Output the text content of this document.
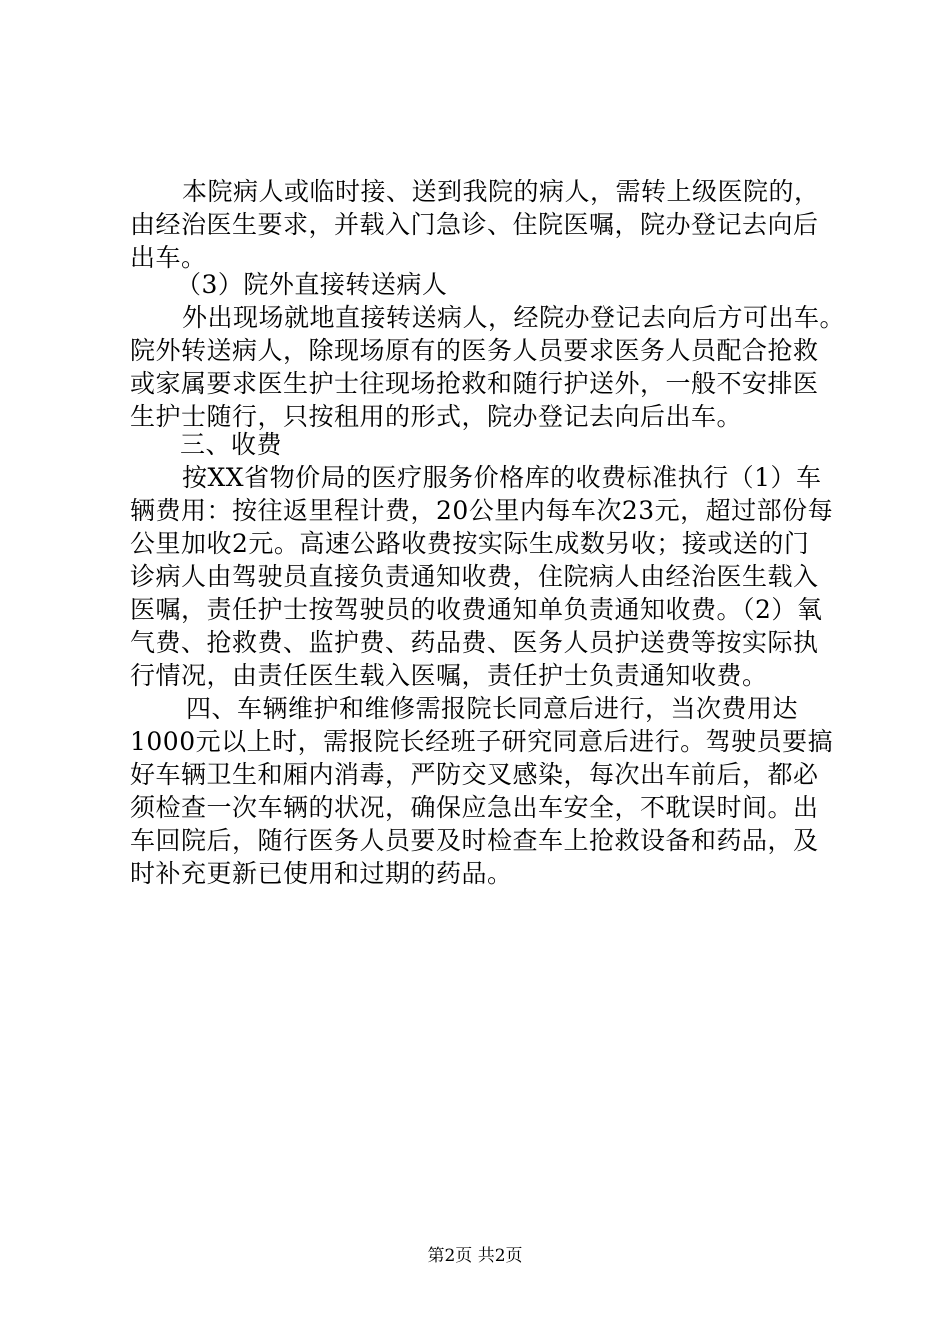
本院病人或临时接、送到我院的病人，需转上级医院的，
由经治医生要求，并载入门急诊、住院医嘱，院办登记去向后
出车。
（3）院外直接转送病人
外出现场就地直接转送病人，经院办登记去向后方可出车。
院外转送病人，除现场原有的医务人员要求医务人员配合抢救
或家属要求医生护士往现场抢救和随行护送外，一般不安排医
生护士随行，只按租用的形式，院办登记去向后出车。
三、收费
按XX省物价局的医疗服务价格库的收费标准执行（1）车
辆费用：按往返里程计费，20公里内每车次23元，超过部份每
公里加收2元。高速公路收费按实际生成数另收；接或送的门
诊病人由驾驶员直接负责通知收费，住院病人由经治医生载入
医嘱，责任护士按驾驶员的收费通知单负责通知收费。（2）氧
气费、抢救费、监护费、药品费、医务人员护送费等按实际执
行情况，由责任医生载入医嘱，责任护士负责通知收费。
四、车辆维护和维修需报院长同意后进行，当次费用达
1000元以上时，需报院长经班子研究同意后进行。驾驶员要搞
好车辆卫生和厢内消毒，严防交叉感染，每次出车前后，都必
须检查一次车辆的状况，确保应急出车安全，不耽误时间。出
车回院后，随行医务人员要及时检查车上抢救设备和药品，及
时补充更新已使用和过期的药品。
第2页 共2页
